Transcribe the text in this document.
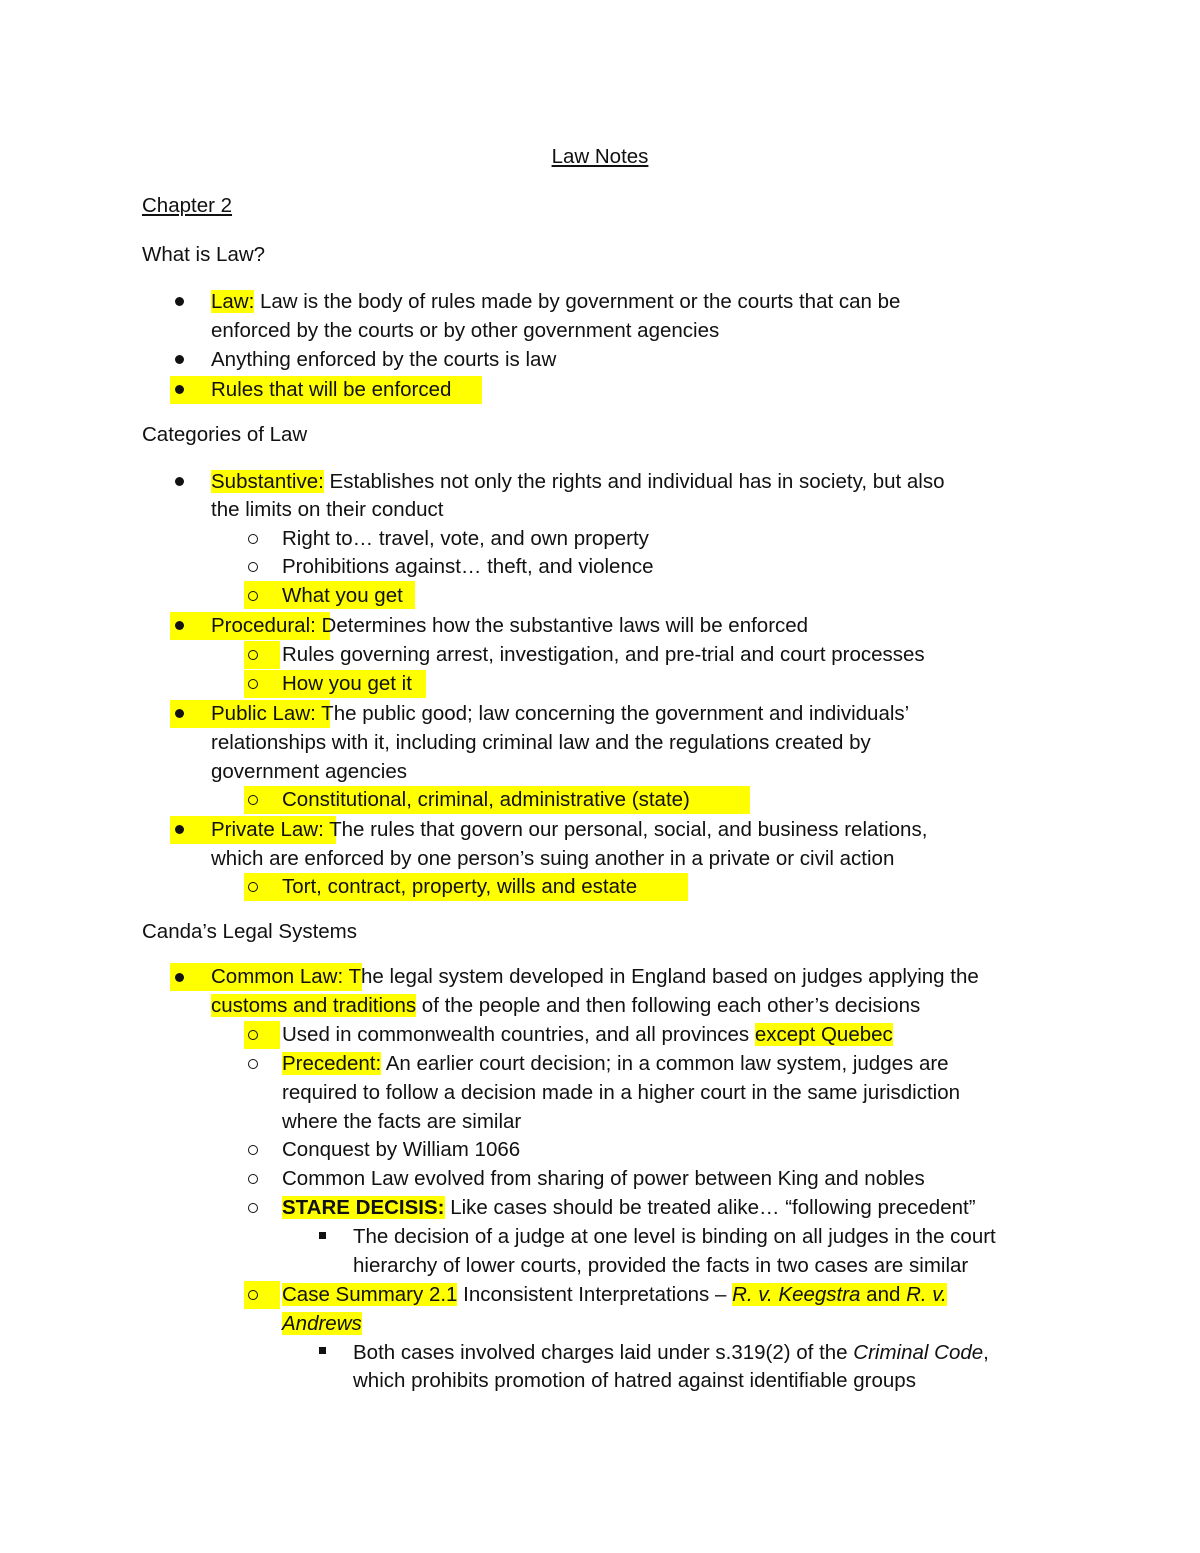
Law Notes
Chapter 2
What is Law?
Law: Law is the body of rules made by government or the courts that can be
enforced by the courts or by other government agencies
Anything enforced by the courts is law
Rules that will be enforced
Categories of Law
Substantive: Establishes not only the rights and individual has in society, but also
the limits on their conduct
Right to… travel, vote, and own property
Prohibitions against… theft, and violence
What you get
Procedural: Determines how the substantive laws will be enforced
Rules governing arrest, investigation, and pre-trial and court processes
How you get it
Public Law: The public good; law concerning the government and individuals’
relationships with it, including criminal law and the regulations created by
government agencies
Constitutional, criminal, administrative (state)
Private Law: The rules that govern our personal, social, and business relations,
which are enforced by one person’s suing another in a private or civil action
Tort, contract, property, wills and estate
Canda’s Legal Systems
Common Law: The legal system developed in England based on judges applying the
customs and traditions of the people and then following each other’s decisions
Used in commonwealth countries, and all provinces except Quebec
Precedent: An earlier court decision; in a common law system, judges are
required to follow a decision made in a higher court in the same jurisdiction
where the facts are similar
Conquest by William 1066
Common Law evolved from sharing of power between King and nobles
STARE DECISIS: Like cases should be treated alike… “following precedent”
The decision of a judge at one level is binding on all judges in the court
hierarchy of lower courts, provided the facts in two cases are similar
Case Summary 2.1 Inconsistent Interpretations – R. v. Keegstra and R. v.
Andrews
Both cases involved charges laid under s.319(2) of the Criminal Code,
which prohibits promotion of hatred against identifiable groups
